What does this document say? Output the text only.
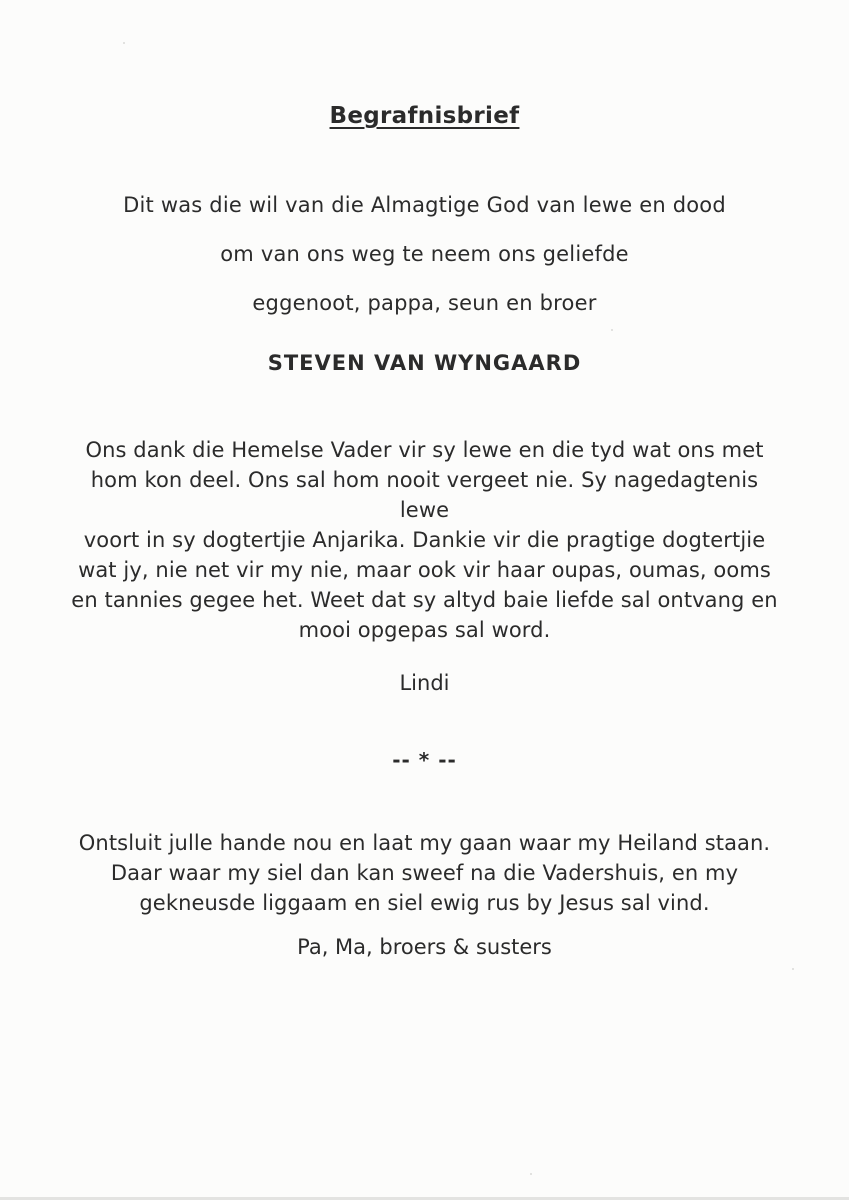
Begrafnisbrief
Dit was die wil van die Almagtige God van lewe en dood
om van ons weg te neem ons geliefde
eggenoot, pappa, seun en broer
STEVEN VAN WYNGAARD
Ons dank die Hemelse Vader vir sy lewe en die tyd wat ons met
hom kon deel. Ons sal hom nooit vergeet nie. Sy nagedagtenis lewe
voort in sy dogtertjie Anjarika. Dankie vir die pragtige dogtertjie
wat jy, nie net vir my nie, maar ook vir haar oupas, oumas, ooms
en tannies gegee het. Weet dat sy altyd baie liefde sal ontvang en
mooi opgepas sal word.
Lindi
-- * --
Ontsluit julle hande nou en laat my gaan waar my Heiland staan.
Daar waar my siel dan kan sweef na die Vadershuis, en my
gekneusde liggaam en siel ewig rus by Jesus sal vind.
Pa, Ma, broers & susters
